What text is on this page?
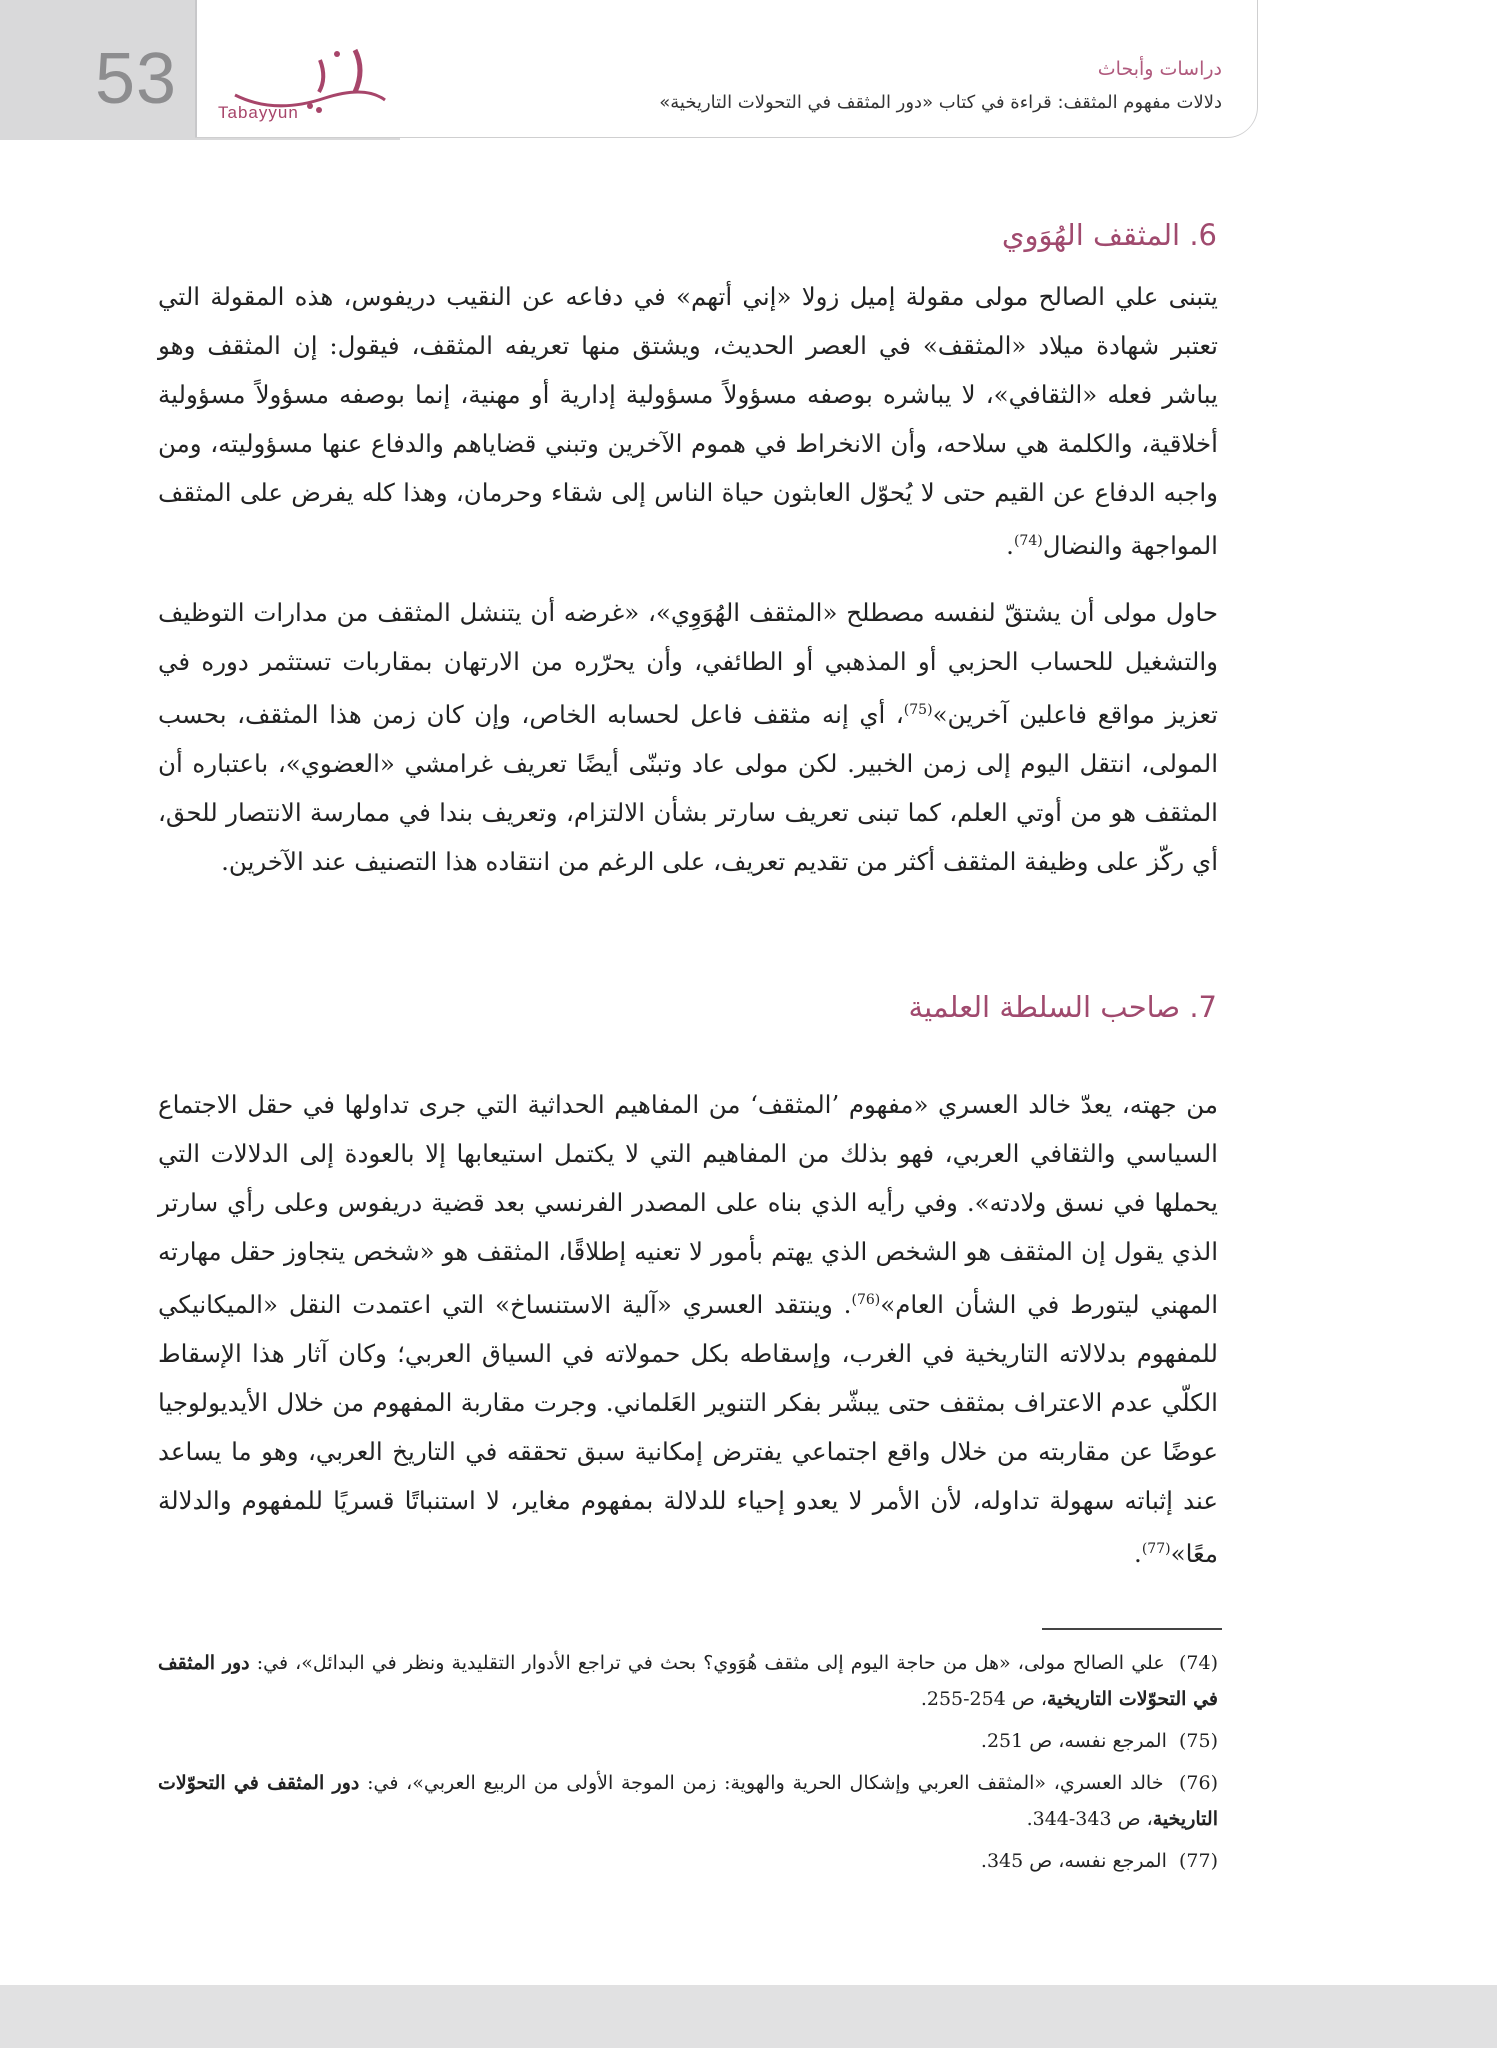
53 Tabayyun
دراسات وأبحاث
دلالات مفهوم المثقف: قراءة في كتاب «دور المثقف في التحولات التاريخية»
6. المثقف الهُوَوي

يتبنى علي الصالح مولى مقولة إميل زولا «إني أتهم» في دفاعه عن النقيب دريفوس، هذه المقولة التي تعتبر شهادة ميلاد «المثقف» في العصر الحديث، ويشتق منها تعريفه المثقف، فيقول: إن المثقف وهو يباشر فعله «الثقافي»، لا يباشره بوصفه مسؤولاً مسؤولية إدارية أو مهنية، إنما بوصفه مسؤولاً مسؤولية أخلاقية، والكلمة هي سلاحه، وأن الانخراط في هموم الآخرين وتبني قضاياهم والدفاع عنها مسؤوليته، ومن واجبه الدفاع عن القيم حتى لا يُحوّل العابثون حياة الناس إلى شقاء وحرمان، وهذا كله يفرض على المثقف المواجهة والنضال$^{(74)}$.

حاول مولى أن يشتقّ لنفسه مصطلح «المثقف الهُوَوِي»، «غرضه أن يتنشل المثقف من مدارات التوظيف والتشغيل للحساب الحزبي أو المذهبي أو الطائفي، وأن يحرّره من الارتهان بمقاربات تستثمر دوره في تعزيز مواقع فاعلين آخرين»$^{(75)}$، أي إنه مثقف فاعل لحسابه الخاص، وإن كان زمن هذا المثقف، بحسب المولى، انتقل اليوم إلى زمن الخبير. لكن مولى عاد وتبنّى أيضًا تعريف غرامشي «العضوي»، باعتباره أن المثقف هو من أوتي العلم، كما تبنى تعريف سارتر بشأن الالتزام، وتعريف بندا في ممارسة الانتصار للحق، أي ركّز على وظيفة المثقف أكثر من تقديم تعريف، على الرغم من انتقاده هذا التصنيف عند الآخرين.

7. صاحب السلطة العلمية

من جهته، يعدّ خالد العسري «مفهوم ’المثقف‘ من المفاهيم الحداثية التي جرى تداولها في حقل الاجتماع السياسي والثقافي العربي، فهو بذلك من المفاهيم التي لا يكتمل استيعابها إلا بالعودة إلى الدلالات التي يحملها في نسق ولادته». وفي رأيه الذي بناه على المصدر الفرنسي بعد قضية دريفوس وعلى رأي سارتر الذي يقول إن المثقف هو الشخص الذي يهتم بأمور لا تعنيه إطلاقًا، المثقف هو «شخص يتجاوز حقل مهارته المهني ليتورط في الشأن العام»$^{(76)}$. وينتقد العسري «آلية الاستنساخ» التي اعتمدت النقل «الميكانيكي للمفهوم بدلالاته التاريخية في الغرب، وإسقاطه بكل حمولاته في السياق العربي؛ وكان آثار هذا الإسقاط الكلّي عدم الاعتراف بمثقف حتى يبشّر بفكر التنوير العَلماني. وجرت مقاربة المفهوم من خلال الأيديولوجيا عوضًا عن مقاربته من خلال واقع اجتماعي يفترض إمكانية سبق تحققه في التاريخ العربي، وهو ما يساعد عند إثباته سهولة تداوله، لأن الأمر لا يعدو إحياء للدلالة بمفهوم مغاير، لا استنباتًا قسريًا للمفهوم والدلالة معًا»$^{(77)}$.

(74)  علي الصالح مولى، «هل من حاجة اليوم إلى مثقف هُوَوي؟ بحث في تراجع الأدوار التقليدية ونظر في البدائل»، في: دور المثقف في التحوّلات التاريخية، ص 254-255.

(75)  المرجع نفسه، ص 251.

(76)  خالد العسري، «المثقف العربي وإشكال الحرية والهوية: زمن الموجة الأولى من الربيع العربي»، في: دور المثقف في التحوّلات التاريخية، ص 343-344.

(77)  المرجع نفسه، ص 345.
